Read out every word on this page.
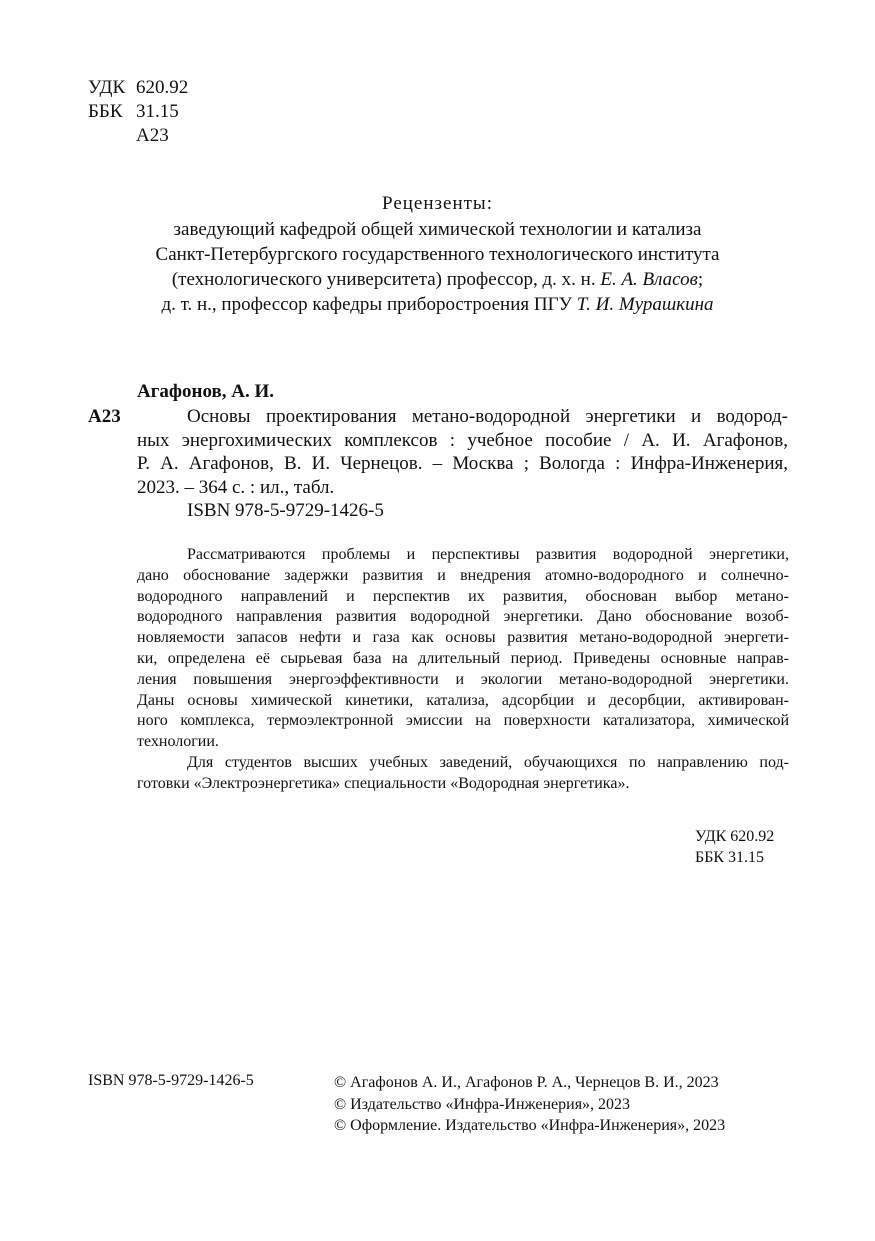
УДК 620.92
ББК 31.15
А23
Рецензенты:
заведующий кафедрой общей химической технологии и катализа
Санкт-Петербургского государственного технологического института
(технологического университета) профессор, д. х. н. Е. А. Власов;
д. т. н., профессор кафедры приборостроения ПГУ Т. И. Мурашкина
Агафонов, А. И.
А23	Основы проектирования метано-водородной энергетики и водород-
ных энергохимических комплексов : учебное пособие / А. И. Агафонов,
Р. А. Агафонов, В. И. Чернецов. – Москва ; Вологда : Инфра-Инженерия,
2023. – 364 с. : ил., табл.
ISBN 978-5-9729-1426-5
Рассматриваются проблемы и перспективы развития водородной энергетики,
дано обоснование задержки развития и внедрения атомно-водородного и солнечно-
водородного направлений и перспектив их развития, обоснован выбор метано-
водородного направления развития водородной энергетики. Дано обоснование возоб-
новляемости запасов нефти и газа как основы развития метано-водородной энергети-
ки, определена её сырьевая база на длительный период. Приведены основные направ-
ления повышения энергоэффективности и экологии метано-водородной энергетики.
Даны основы химической кинетики, катализа, адсорбции и десорбции, активирован-
ного комплекса, термоэлектронной эмиссии на поверхности катализатора, химической
технологии.
Для студентов высших учебных заведений, обучающихся по направлению под-
готовки «Электроэнергетика» специальности «Водородная энергетика».
УДК 620.92
ББК 31.15
ISBN 978-5-9729-1426-5	© Агафонов А. И., Агафонов Р. А., Чернецов В. И., 2023
© Издательство «Инфра-Инженерия», 2023
© Оформление. Издательство «Инфра-Инженерия», 2023
